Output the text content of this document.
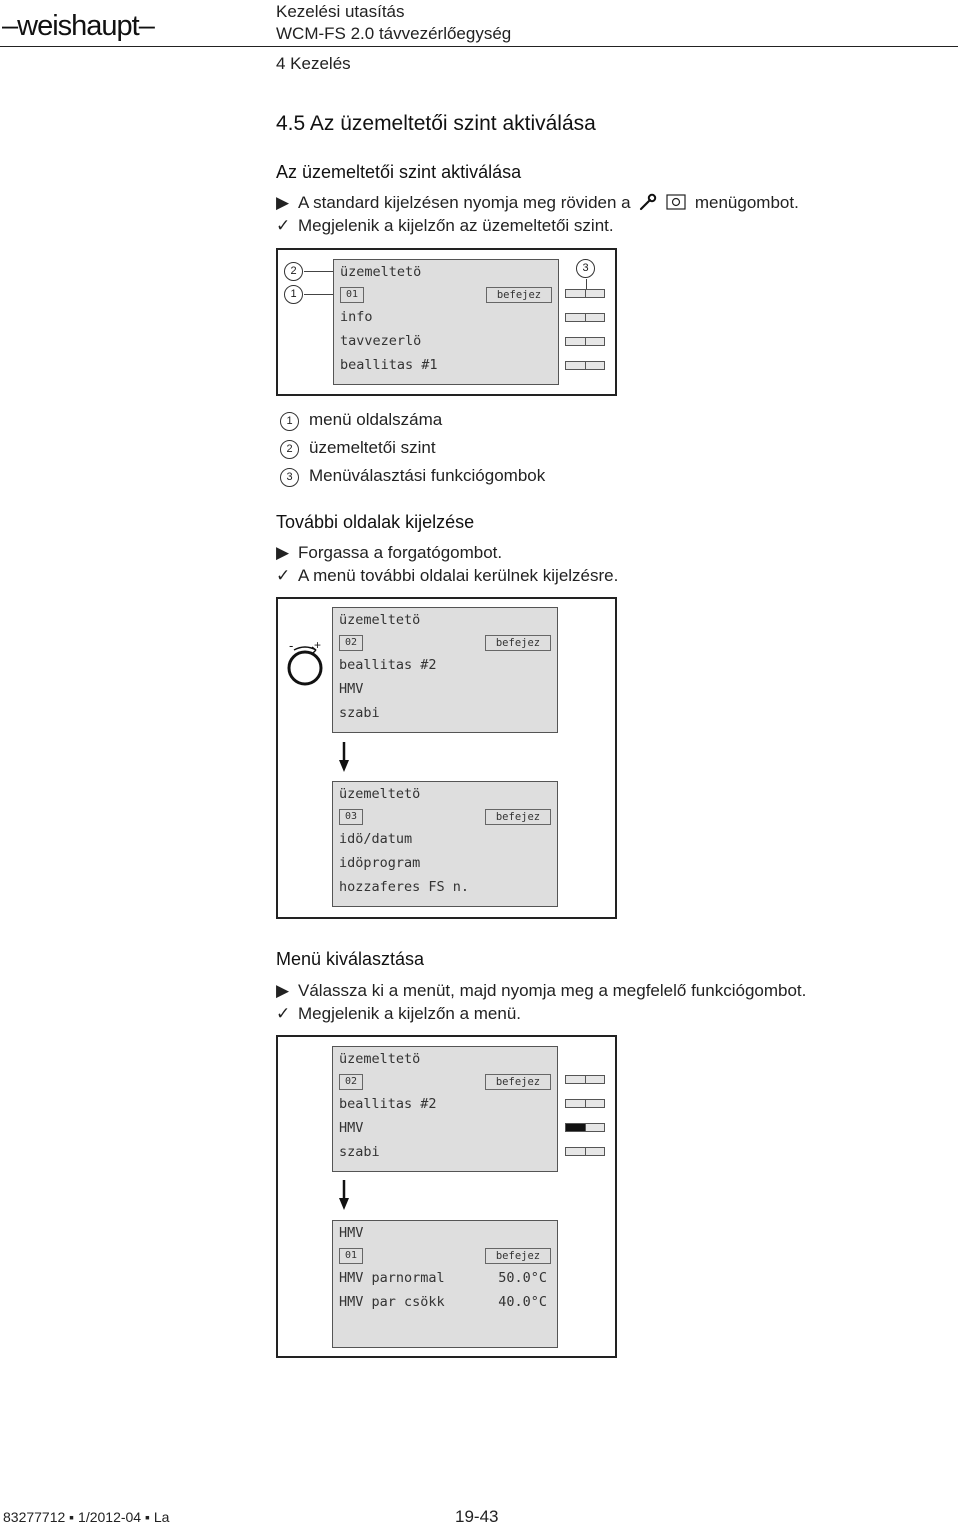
–weishaupt–	Kezelési utasítás
WCM-FS 2.0 távvezérlőegység
4 Kezelés
4.5 Az üzemeltetői szint aktiválása
Az üzemeltetői szint aktiválása
▶ A standard kijelzésen nyomja meg röviden a	menügombot.
✓ Megjelenik a kijelzőn az üzemeltetői szint.
2
1
3
üzemeltetö
01	befejez
info
tavvezerlö
beallitas #1
1 menü oldalszáma
2 üzemeltetői szint
3 Menüválasztási funkciógombok
További oldalak kijelzése
▶ Forgassa a forgatógombot.
✓ A menü további oldalai kerülnek kijelzésre.
- +
üzemeltetö
02	befejez
beallitas #2
HMV
szabi
üzemeltetö
03	befejez
idö/datum
idöprogram
hozzaferes FS n.
Menü kiválasztása
▶ Válassza ki a menüt, majd nyomja meg a megfelelő funkciógombot.
✓ Megjelenik a kijelzőn a menü.
üzemeltetö
02	befejez
beallitas #2
HMV
szabi
HMV
01	befejez
HMV parnormal	50.0°C
HMV par csökk	40.0°C
83277712 ▪ 1/2012-04 ▪ La	19-43
